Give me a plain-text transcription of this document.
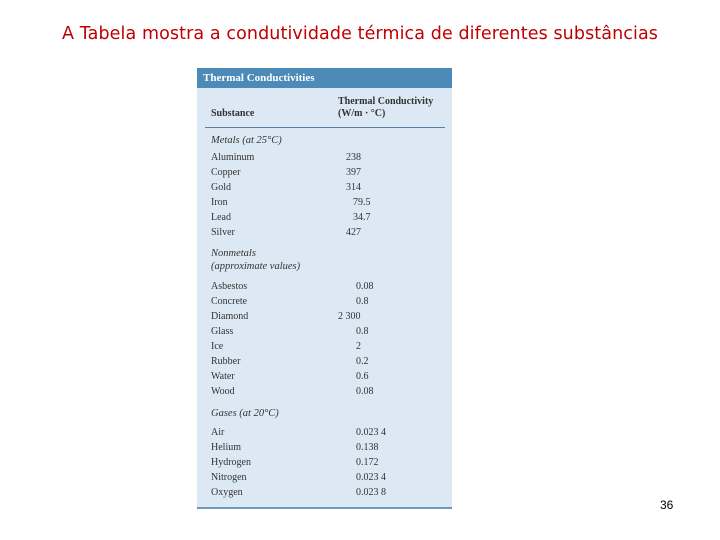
A Tabela mostra a condutividade térmica de diferentes substâncias
Thermal Conductivities
Substance
Thermal Conductivity
(W/m · °C)
Metals (at 25°C)
Aluminum	238
Copper	397
Gold	314
Iron	79.5
Lead	34.7
Silver	427
Nonmetals
(approximate values)
Asbestos	0.08
Concrete	0.8
Diamond	2 300
Glass	0.8
Ice	2
Rubber	0.2
Water	0.6
Wood	0.08
Gases (at 20°C)
Air	0.023 4
Helium	0.138
Hydrogen	0.172
Nitrogen	0.023 4
Oxygen	0.023 8
36
